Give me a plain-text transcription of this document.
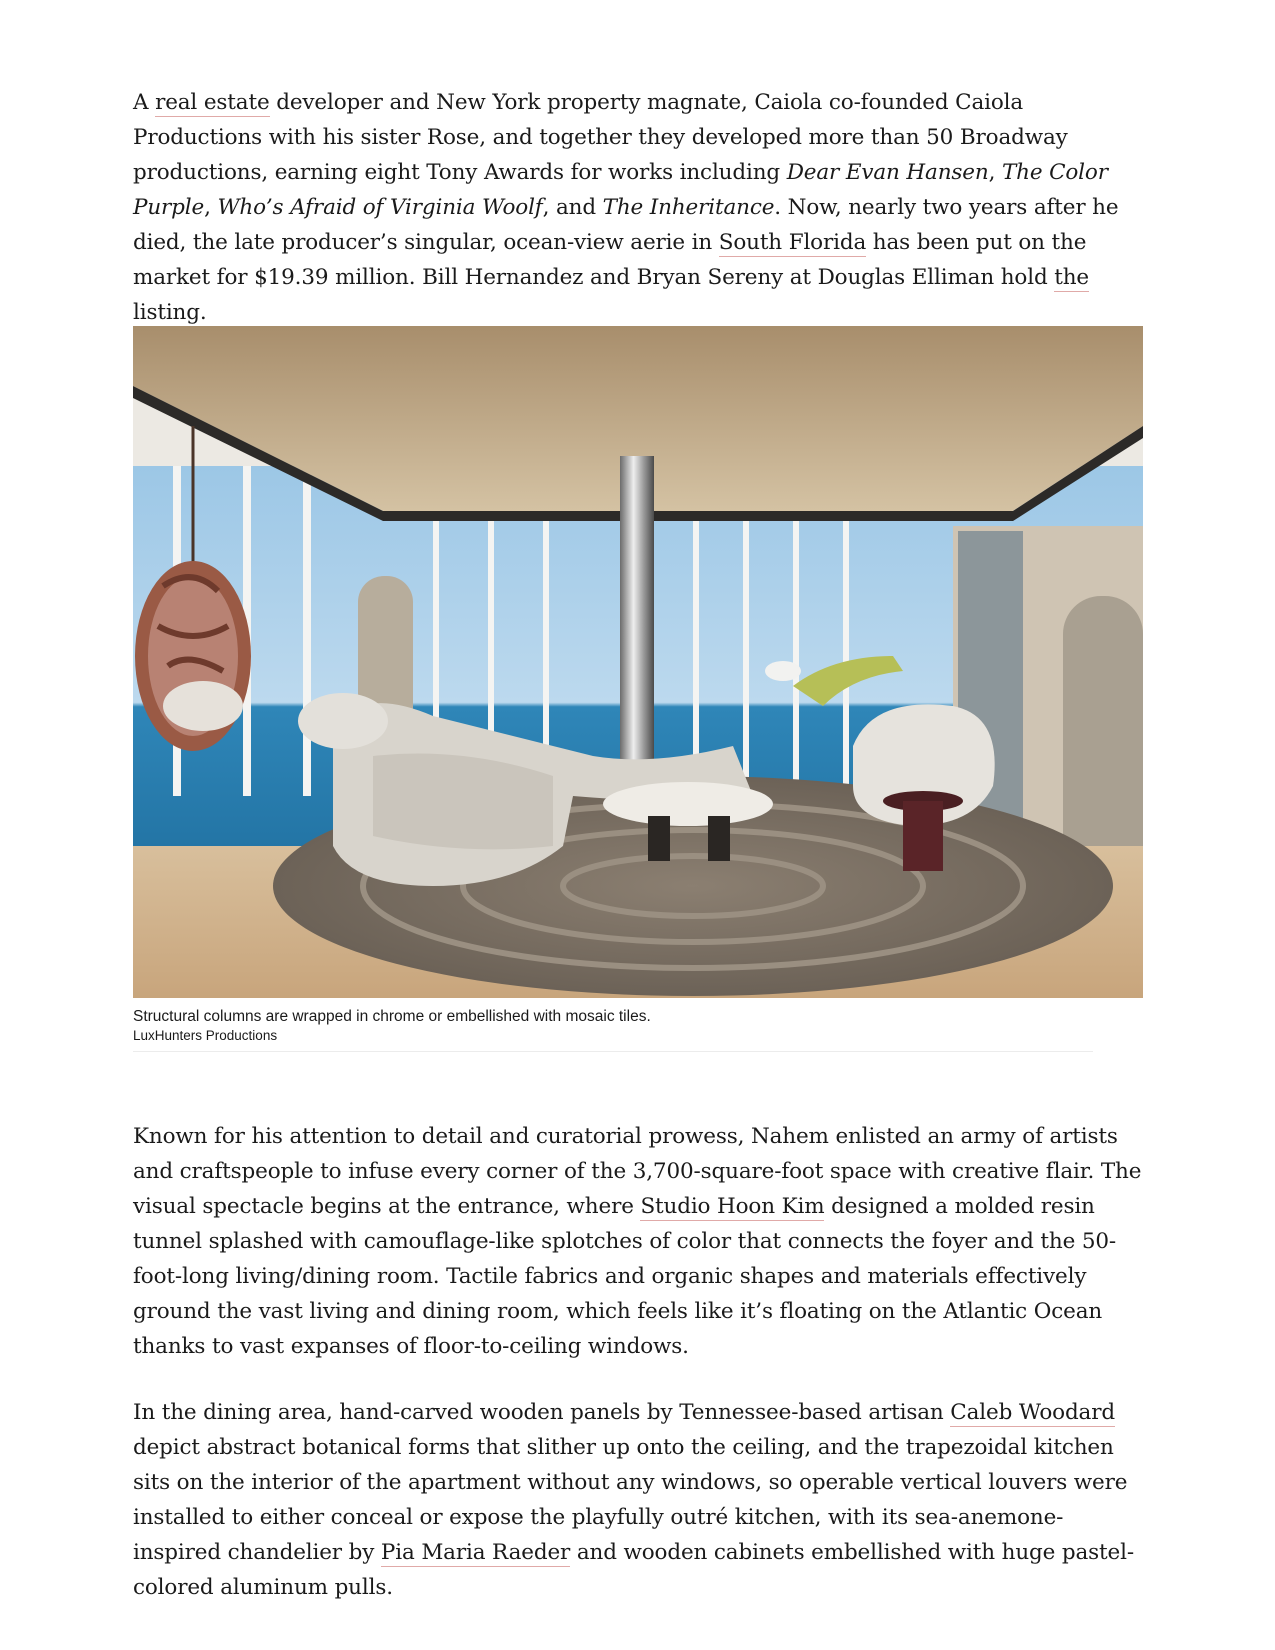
A real estate developer and New York property magnate, Caiola co-founded Caiola Productions with his sister Rose, and together they developed more than 50 Broadway productions, earning eight Tony Awards for works including Dear Evan Hansen, The Color Purple, Who’s Afraid of Virginia Woolf, and The Inheritance. Now, nearly two years after he died, the late producer’s singular, ocean-view aerie in South Florida has been put on the market for $19.39 million. Bill Hernandez and Bryan Sereny at Douglas Elliman hold the listing.

Structural columns are wrapped in chrome or embellished with mosaic tiles.
LuxHunters Productions

Known for his attention to detail and curatorial prowess, Nahem enlisted an army of artists and craftspeople to infuse every corner of the 3,700-square-foot space with creative flair. The visual spectacle begins at the entrance, where Studio Hoon Kim designed a molded resin tunnel splashed with camouflage-like splotches of color that connects the foyer and the 50-foot-long living/dining room. Tactile fabrics and organic shapes and materials effectively ground the vast living and dining room, which feels like it’s floating on the Atlantic Ocean thanks to vast expanses of floor-to-ceiling windows.

In the dining area, hand-carved wooden panels by Tennessee-based artisan Caleb Woodard depict abstract botanical forms that slither up onto the ceiling, and the trapezoidal kitchen sits on the interior of the apartment without any windows, so operable vertical louvers were installed to either conceal or expose the playfully outré kitchen, with its sea-anemone-inspired chandelier by Pia Maria Raeder and wooden cabinets embellished with huge pastel-colored aluminum pulls.
